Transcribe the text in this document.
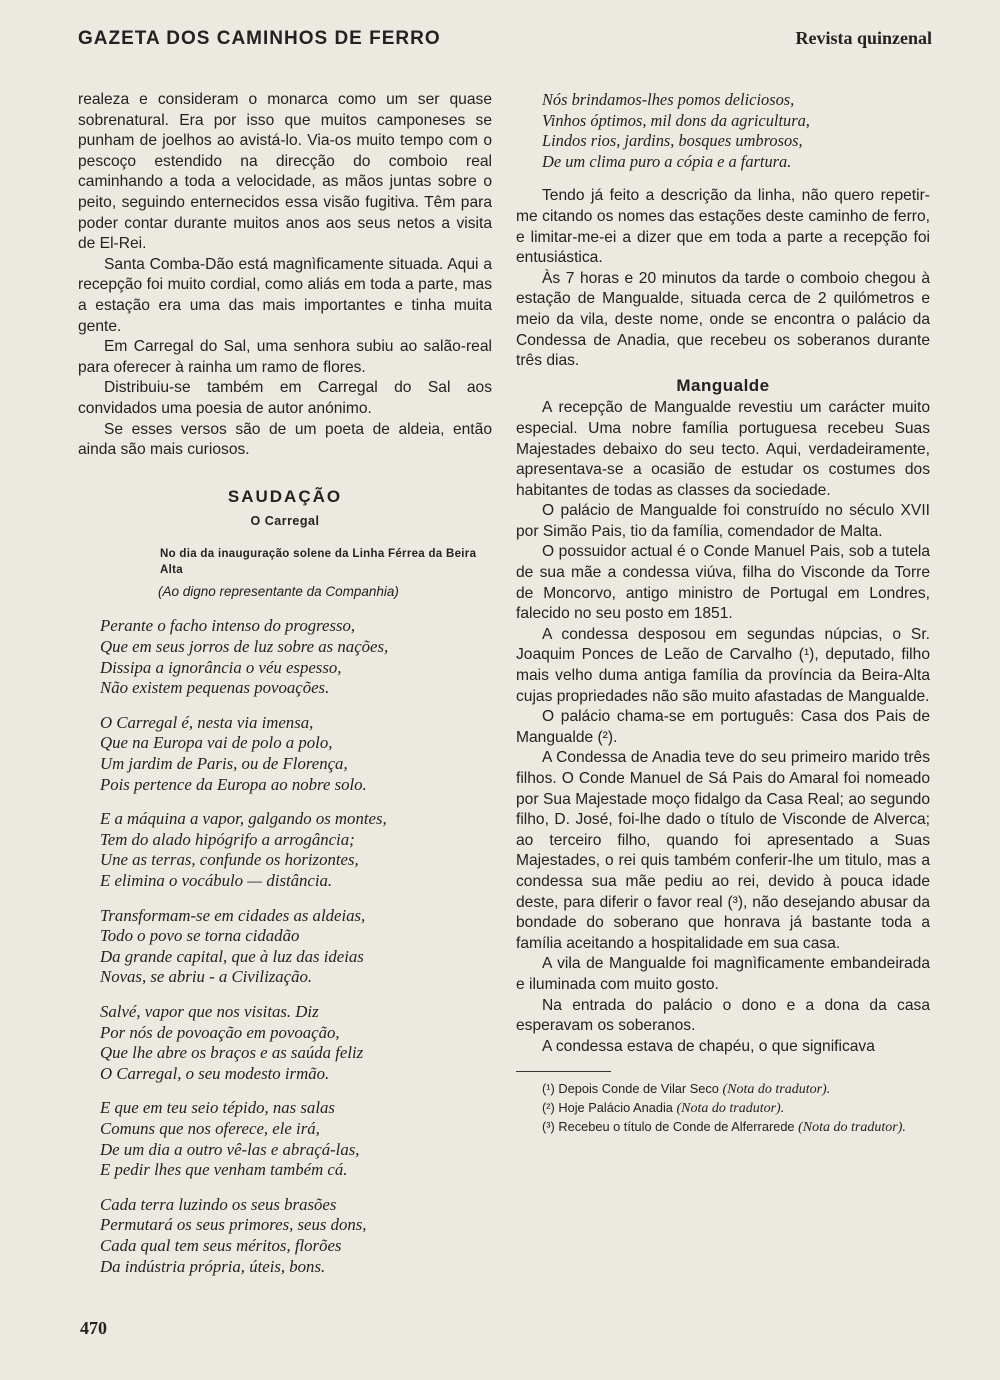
GAZETA DOS CAMINHOS DE FERRO	Revista quinzenal

realeza e consideram o monarca como um ser quase sobrenatural. Era por isso que muitos camponeses se punham de joelhos ao avistá-lo. Via-os muito tempo com o pescoço estendido na direcção do comboio real caminhando a toda a velocidade, as mãos juntas sobre o peito, seguindo enternecidos essa visão fugitiva. Têm para poder contar durante muitos anos aos seus netos a visita de El-Rei.

Santa Comba-Dão está magnìficamente situada. Aqui a recepção foi muito cordial, como aliás em toda a parte, mas a estação era uma das mais importantes e tinha muita gente.

Em Carregal do Sal, uma senhora subiu ao salão-real para oferecer à rainha um ramo de flores.

Distribuiu-se também em Carregal do Sal aos convidados uma poesia de autor anónimo.

Se esses versos são de um poeta de aldeia, então ainda são mais curiosos.

SAUDAÇÃO
O Carregal
No dia da inauguração solene da Linha Férrea da Beira Alta
(Ao digno representante da Companhia)
Perante o facho intenso do progresso,
Que em seus jorros de luz sobre as nações,
Dissipa a ignorância o véu espesso,
Não existem pequenas povoações.
O Carregal é, nesta via imensa,
Que na Europa vai de polo a polo,
Um jardim de Paris, ou de Florença,
Pois pertence da Europa ao nobre solo.
E a máquina a vapor, galgando os montes,
Tem do alado hipógrifo a arrogância;
Une as terras, confunde os horizontes,
E elimina o vocábulo — distância.
Transformam-se em cidades as aldeias,
Todo o povo se torna cidadão
Da grande capital, que à luz das ideias
Novas, se abriu - a Civilização.
Salvé, vapor que nos visitas. Diz
Por nós de povoação em povoação,
Que lhe abre os braços e as saúda feliz
O Carregal, o seu modesto irmão.
E que em teu seio tépido, nas salas
Comuns que nos oferece, ele irá,
De um dia a outro vê-las e abraçá-las,
E pedir lhes que venham também cá.
Cada terra luzindo os seus brasões
Permutará os seus primores, seus dons,
Cada qual tem seus méritos, florões
Da indústria própria, úteis, bons.
Nós brindamos-lhes pomos deliciosos,
Vinhos óptimos, mil dons da agricultura,
Lindos rios, jardins, bosques umbrosos,
De um clima puro a cópia e a fartura.

Tendo já feito a descrição da linha, não quero repetir-me citando os nomes das estações deste caminho de ferro, e limitar-me-ei a dizer que em toda a parte a recepção foi entusiástica.

Às 7 horas e 20 minutos da tarde o comboio chegou à estação de Mangualde, situada cerca de 2 quilómetros e meio da vila, deste nome, onde se encontra o palácio da Condessa de Anadia, que recebeu os soberanos durante três dias.

Mangualde

A recepção de Mangualde revestiu um carácter muito especial. Uma nobre família portuguesa recebeu Suas Majestades debaixo do seu tecto. Aqui, verdadeiramente, apresentava-se a ocasião de estudar os costumes dos habitantes de todas as classes da sociedade.

O palácio de Mangualde foi construído no século XVII por Simão Pais, tio da família, comendador de Malta.

O possuidor actual é o Conde Manuel Pais, sob a tutela de sua mãe a condessa viúva, filha do Visconde da Torre de Moncorvo, antigo ministro de Portugal em Londres, falecido no seu posto em 1851.

A condessa desposou em segundas núpcias, o Sr. Joaquim Ponces de Leão de Carvalho (¹), deputado, filho mais velho duma antiga família da província da Beira-Alta cujas propriedades não são muito afastadas de Mangualde.

O palácio chama-se em português: Casa dos Pais de Mangualde (²).

A Condessa de Anadia teve do seu primeiro marido três filhos. O Conde Manuel de Sá Pais do Amaral foi nomeado por Sua Majestade moço fidalgo da Casa Real; ao segundo filho, D. José, foi-lhe dado o título de Visconde de Alverca; ao terceiro filho, quando foi apresentado a Suas Majestades, o rei quis também conferir-lhe um titulo, mas a condessa sua mãe pediu ao rei, devido à pouca idade deste, para diferir o favor real (³), não desejando abusar da bondade do soberano que honrava já bastante toda a família aceitando a hospitalidade em sua casa.

A vila de Mangualde foi magnìficamente embandeirada e iluminada com muito gosto.

Na entrada do palácio o dono e a dona da casa esperavam os soberanos.

A condessa estava de chapéu, o que significava

(¹) Depois Conde de Vilar Seco (Nota do tradutor).

(²) Hoje Palácio Anadia (Nota do tradutor).

(³) Recebeu o título de Conde de Alferrarede (Nota do tradutor).

470
